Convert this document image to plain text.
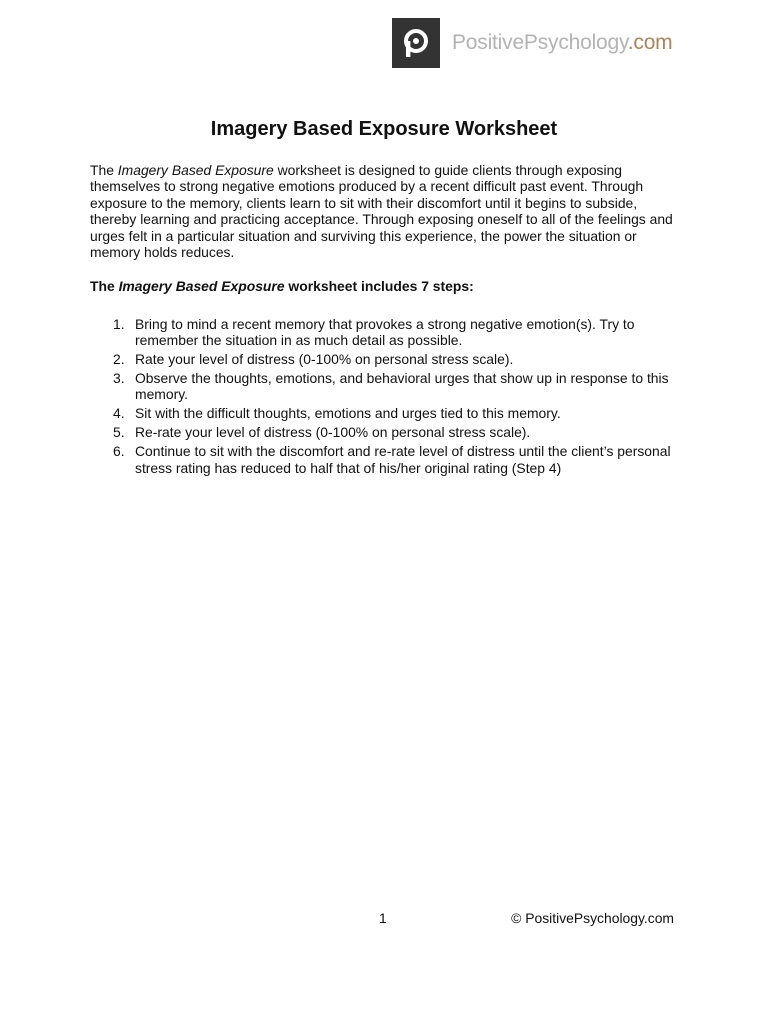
PositivePsychology.com
Imagery Based Exposure Worksheet

The Imagery Based Exposure worksheet is designed to guide clients through exposing themselves to strong negative emotions produced by a recent difficult past event. Through exposure to the memory, clients learn to sit with their discomfort until it begins to subside, thereby learning and practicing acceptance. Through exposing oneself to all of the feelings and urges felt in a particular situation and surviving this experience, the power the situation or memory holds reduces.

The Imagery Based Exposure worksheet includes 7 steps:

1. Bring to mind a recent memory that provokes a strong negative emotion(s). Try to remember the situation in as much detail as possible.
2. Rate your level of distress (0-100% on personal stress scale).
3. Observe the thoughts, emotions, and behavioral urges that show up in response to this memory.
4. Sit with the difficult thoughts, emotions and urges tied to this memory.
5. Re-rate your level of distress (0-100% on personal stress scale).
6. Continue to sit with the discomfort and re-rate level of distress until the client’s personal stress rating has reduced to half that of his/her original rating (Step 4)
1	© PositivePsychology.com
